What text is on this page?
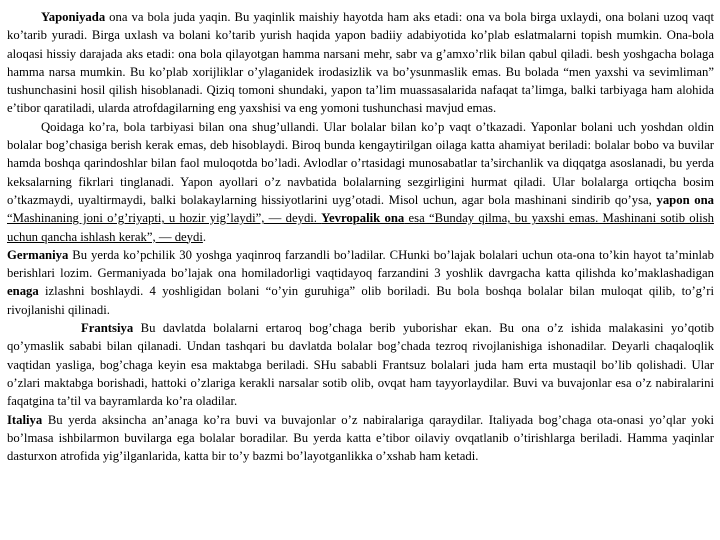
Yaponiyada ona va bola juda yaqin. Bu yaqinlik maishiy hayotda ham aks etadi: ona va bola birga uxlaydi, ona bolani uzoq vaqt ko’tarib yuradi. Birga uxlash va bolani ko’tarib yurish haqida yapon badiiy adabiyotida ko’plab eslatmalarni topish mumkin. Ona-bola aloqasi hissiy darajada aks etadi: ona bola qilayotgan hamma narsani mehr, sabr va g’amxo’rlik bilan qabul qiladi. besh yoshgacha bolaga hamma narsa mumkin. Bu ko’plab xorijliklar o’ylaganidek irodasizlik va bo’ysunmaslik emas. Bu bolada “men yaxshi va sevimliman” tushunchasini hosil qilish hisoblanadi. Qiziq tomoni shundaki, yapon ta’lim muassasalarida nafaqat ta’limga, balki tarbiyaga ham alohida e’tibor qaratiladi, ularda atrofdagilarning eng yaxshisi va eng yomoni tushunchasi mavjud emas.

Qoidaga ko’ra, bola tarbiyasi bilan ona shug’ullandi. Ular bolalar bilan ko’p vaqt o’tkazadi. Yaponlar bolani uch yoshdan oldin bolalar bog’chasiga berish kerak emas, deb hisoblaydi. Biroq bunda kengaytirilgan oilaga katta ahamiyat beriladi: bolalar bobo va buvilar hamda boshqa qarindoshlar bilan faol muloqotda bo’ladi. Avlodlar o’rtasidagi munosabatlar ta’sirchanlik va diqqatga asoslanadi, bu yerda keksalarning fikrlari tinglanadi. Yapon ayollari o’z navbatida bolalarning sezgirligini hurmat qiladi. Ular bolalarga ortiqcha bosim o’tkazmaydi, uyaltirmaydi, balki bolakaylarning hissiyotlarini uyg’otadi. Misol uchun, agar bola mashinani sindirib qo’ysa, yapon ona “Mashinaning joni o’g’riyapti, u hozir yig’laydi”, — deydi. Yevropalik ona esa “Bunday qilma, bu yaxshi emas. Mashinani sotib olish uchun qancha ishlash kerak”, — deydi.

Germaniya Bu yerda ko’pchilik 30 yoshga yaqinroq farzandli bo’ladilar. CHunki bo’lajak bolalari uchun ota-ona to’kin hayot ta’minlab berishlari lozim. Germaniyada bo’lajak ona homiladorligi vaqtidayoq farzandini 3 yoshlik davrgacha katta qilishda ko’maklashadigan enaga izlashni boshlaydi. 4 yoshligidan bolani “o’yin guruhiga” olib boriladi. Bu bola boshqa bolalar bilan muloqat qilib, to’g’ri rivojlanishi qilinadi.

Frantsiya Bu davlatda bolalarni ertaroq bog’chaga berib yuborishar ekan. Bu ona o’z ishida malakasini yo’qotib qo’ymaslik sababi bilan qilanadi. Undan tashqari bu davlatda bolalar bog’chada tezroq rivojlanishiga ishonadilar. Deyarli chaqaloqlik vaqtidan yasliga, bog’chaga keyin esa maktabga beriladi. SHu sababli Frantsuz bolalari juda ham erta mustaqil bo’lib qolishadi. Ular o’zlari maktabga borishadi, hattoki o’zlariga kerakli narsalar sotib olib, ovqat ham tayyorlaydilar. Buvi va buvajonlar esa o’z nabiralarini faqatgina ta’til va bayramlarda ko’ra oladilar.

Italiya Bu yerda aksincha an’anaga ko’ra buvi va buvajonlar o’z nabiralariga qaraydilar. Italiyada bog’chaga ota-onasi yo’qlar yoki bo’lmasa ishbilarmon buvilarga ega bolalar boradilar. Bu yerda katta e’tibor oilaviy ovqatlanib o’tirishlarga beriladi. Hamma yaqinlar dasturxon atrofida yig’ilganlarida, katta bir to’y bazmi bo’layotganlikka o’xshab ham ketadi.
